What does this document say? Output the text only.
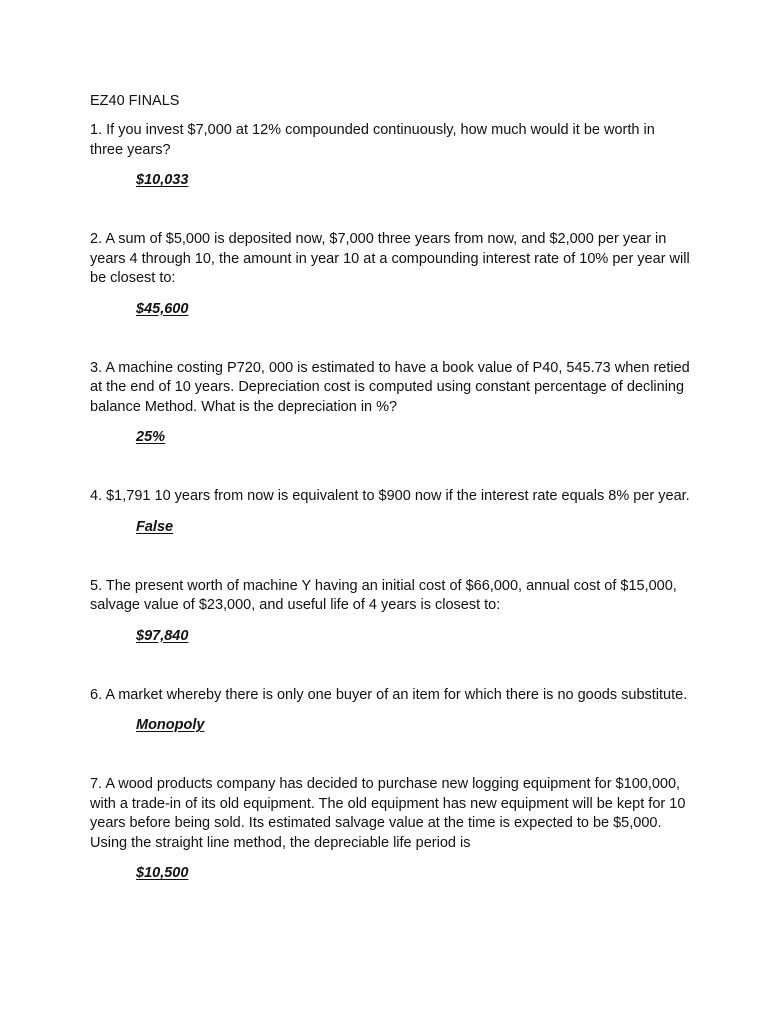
EZ40 FINALS

1. If you invest $7,000 at 12% compounded continuously, how much would it be worth in three years?

$10,033

2. A sum of $5,000 is deposited now, $7,000 three years from now, and $2,000 per year in years 4 through 10, the amount in year 10 at a compounding interest rate of 10% per year will be closest to:

$45,600

3. A machine costing P720, 000 is estimated to have a book value of P40, 545.73 when retied at the end of 10 years. Depreciation cost is computed using constant percentage of declining balance Method. What is the depreciation in %?

25%

4. $1,791 10 years from now is equivalent to $900 now if the interest rate equals 8% per year.

False

5. The present worth of machine Y having an initial cost of $66,000, annual cost of $15,000, salvage value of $23,000, and useful life of 4 years is closest to:

$97,840

6. A market whereby there is only one buyer of an item for which there is no goods substitute.

Monopoly

7. A wood products company has decided to purchase new logging equipment for $100,000, with a trade-in of its old equipment. The old equipment has new equipment will be kept for 10 years before being sold. Its estimated salvage value at the time is expected to be $5,000. Using the straight line method, the depreciable life period is

$10,500
